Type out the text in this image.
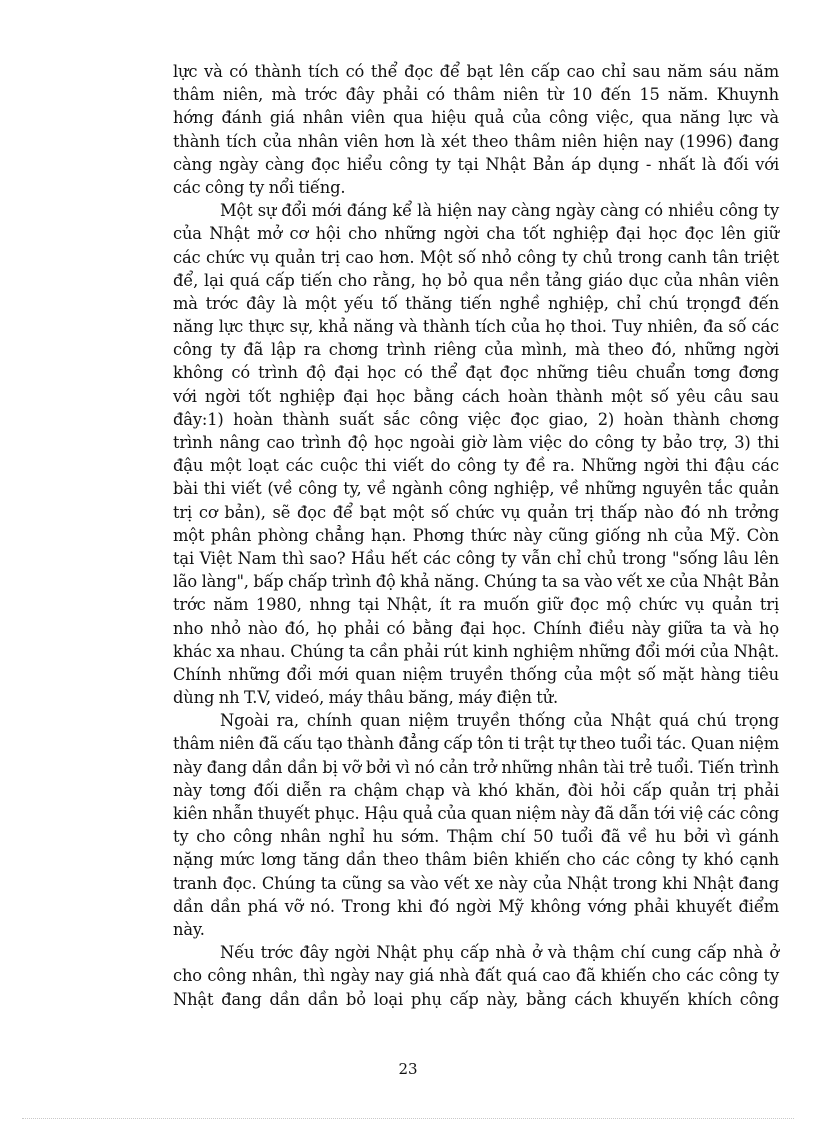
lực và có thành tích có thể đọc để bạt lên cấp cao chỉ sau năm sáu năm
thâm niên, mà trớc đây phải có thâm niên từ 10 đến 15 năm. Khuynh
hớng đánh giá nhân viên qua hiệu quả của công việc, qua năng lực và
thành tích của nhân viên hơn là xét theo thâm niên hiện nay (1996) đang
càng ngày càng đọc hiểu công ty tại Nhật Bản áp dụng - nhất là đối với
các công ty nổi tiếng.
Một sự đổi mới đáng kể là hiện nay càng ngày càng có nhiều công ty
của Nhật mở cơ hội cho những ngời cha tốt nghiệp đại học đọc lên giữ
các chức vụ quản trị cao hơn. Một số nhỏ công ty chủ trong canh tân triệt
để, lại quá cấp tiến cho rằng, họ bỏ qua nền tảng giáo dục của nhân viên
mà trớc đây là một yếu tố thăng tiến nghề nghiệp, chỉ chú trọngđ đến
năng lực thực sự, khả năng và thành tích của họ thoi. Tuy nhiên, đa số các
công ty đã lập ra chơng trình riêng của mình, mà theo đó, những ngời
không có trình độ đại học có thể đạt đọc những tiêu chuẩn tơng đơng
với ngời tốt nghiệp đại học bằng cách hoàn thành một số yêu câu sau
đây:1) hoàn thành suất sắc công việc đọc giao, 2) hoàn thành chơng
trình nâng cao trình độ học ngoài giờ làm việc do công ty bảo trợ, 3) thi
đậu một loạt các cuộc thi viết do công ty đề ra. Những ngời thi đậu các
bài thi viết (về công ty, về ngành công nghiệp, về những nguyên tắc quản
trị cơ bản), sẽ đọc để bạt một số chức vụ quản trị thấp nào đó nh trởng
một phân phòng chẳng hạn. Phơng thức này cũng giống nh của Mỹ. Còn
tại Việt Nam thì sao? Hầu hết các công ty vẫn chỉ chủ trong "sống lâu lên
lão làng", bấp chấp trình độ khả năng. Chúng ta sa vào vết xe của Nhật Bản
trớc năm 1980, nhng tại Nhật, ít ra muốn giữ đọc mộ chức vụ quản trị
nho nhỏ nào đó, họ phải có bằng đại học. Chính điều này giữa ta và họ
khác xa nhau. Chúng ta cần phải rút kinh nghiệm những đổi mới của Nhật.
Chính những đổi mới quan niệm truyền thống của một số mặt hàng tiêu
dùng nh T.V, videó, máy thâu băng, máy điện tử.
Ngoài ra, chính quan niệm truyền thống của Nhật quá chú trọng
thâm niên đã cấu tạo thành đẳng cấp tôn ti trật tự theo tuổi tác. Quan niệm
này đang dần dần bị vỡ bởi vì nó cản trở những nhân tài trẻ tuổi. Tiến trình
này tơng đối diễn ra chậm chạp và khó khăn, đòi hỏi cấp quản trị phải
kiên nhẫn thuyết phục. Hậu quả của quan niệm này đã dẫn tới việ các công
ty cho công nhân nghỉ hu sớm. Thậm chí 50 tuổi đã về hu bởi vì gánh
nặng mức lơng tăng dần theo thâm biên khiến cho các công ty khó cạnh
tranh đọc. Chúng ta cũng sa vào vết xe này của Nhật trong khi Nhật đang
dần dần phá vỡ nó. Trong khi đó ngời Mỹ không vớng phải khuyết điểm
này.
Nếu trớc đây ngời Nhật phụ cấp nhà ở và thậm chí cung cấp nhà ở
cho công nhân, thì ngày nay giá nhà đất quá cao đã khiến cho các công ty
Nhật đang dần dần bỏ loại phụ cấp này, bằng cách khuyến khích công
23
